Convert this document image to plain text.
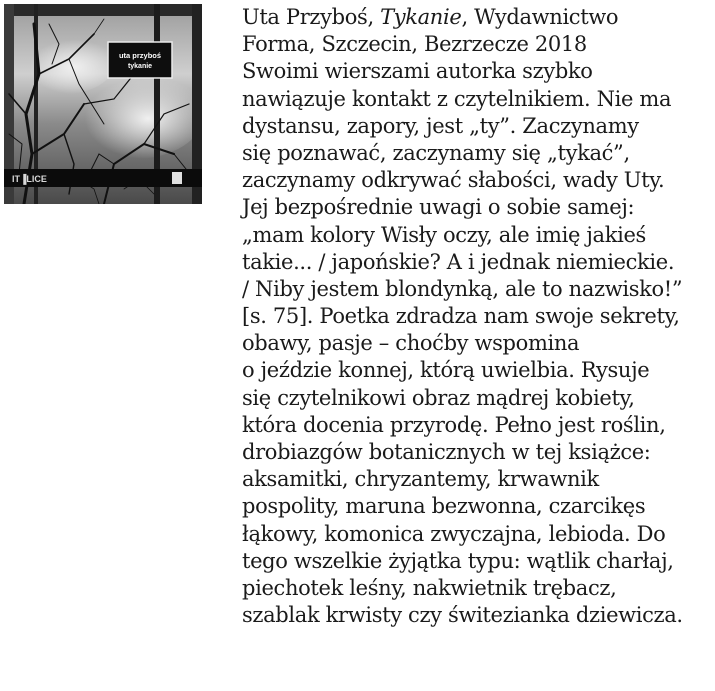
uta przyboś
tykanie
IT▐LICE
Uta Przyboś, Tykanie, Wydawnictwo
Forma, Szczecin, Bezrzecze 2018
Swoimi wierszami autorka szybko
nawiązuje kontakt z czytelnikiem. Nie ma
dystansu, zapory, jest „ty”. Zaczynamy
się poznawać, zaczynamy się „tykać”,
zaczynamy odkrywać słabości, wady Uty.
Jej bezpośrednie uwagi o sobie samej:
„mam kolory Wisły oczy, ale imię jakieś
takie... / japońskie? A i jednak niemieckie.
/ Niby jestem blondynką, ale to nazwisko!”
[s. 75]. Poetka zdradza nam swoje sekrety,
obawy, pasje – choćby wspomina
o jeździe konnej, którą uwielbia. Rysuje
się czytelnikowi obraz mądrej kobiety,
która docenia przyrodę. Pełno jest roślin,
drobiazgów botanicznych w tej książce:
aksamitki, chryzantemy, krwawnik
pospolity, maruna bezwonna, czarcikęs
łąkowy, komonica zwyczajna, lebioda. Do
tego wszelkie żyjątka typu: wątlik charłaj,
piechotek leśny, nakwietnik trębacz,
szablak krwisty czy świtezianka dziewicza.
